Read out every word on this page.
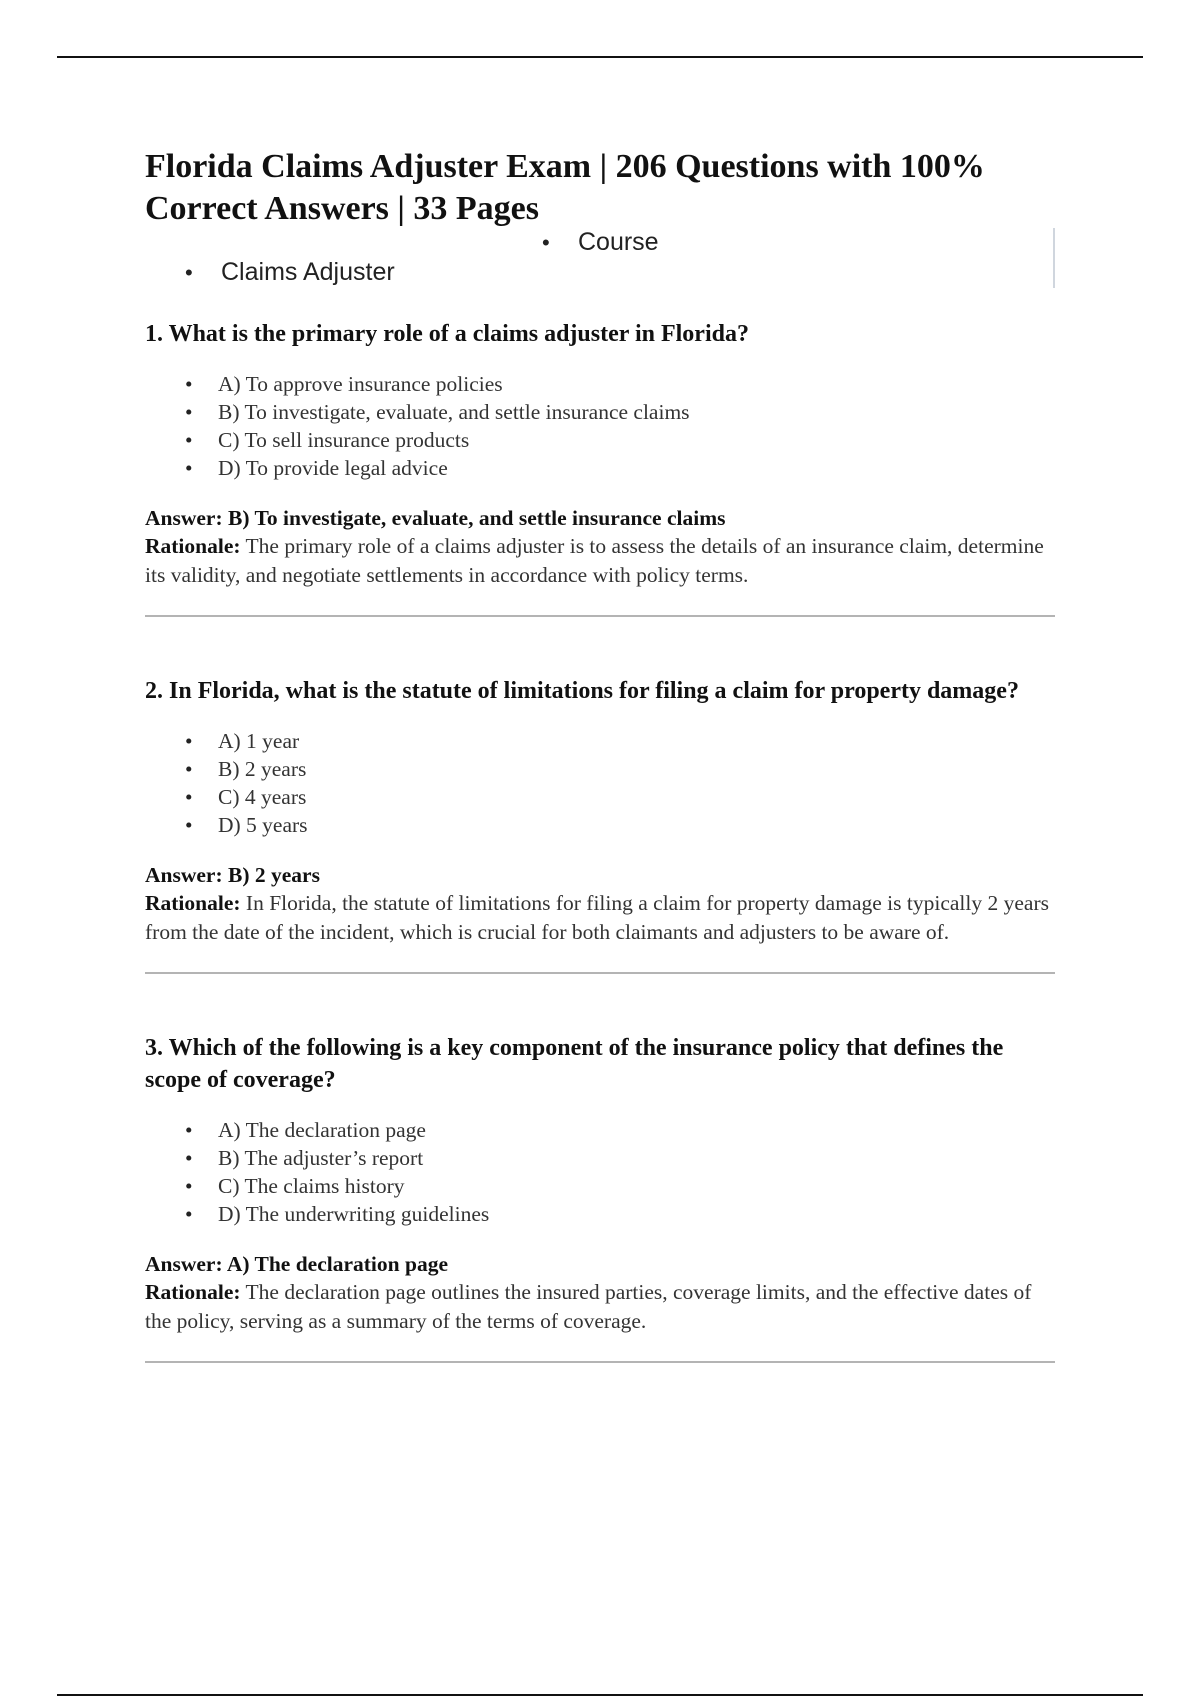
Florida Claims Adjuster Exam | 206 Questions with 100% Correct Answers | 33 Pages
• Course
• Claims Adjuster

1. What is the primary role of a claims adjuster in Florida?

• A) To approve insurance policies
• B) To investigate, evaluate, and settle insurance claims
• C) To sell insurance products
• D) To provide legal advice

Answer: B) To investigate, evaluate, and settle insurance claims

Rationale: The primary role of a claims adjuster is to assess the details of an insurance claim, determine its validity, and negotiate settlements in accordance with policy terms.

2. In Florida, what is the statute of limitations for filing a claim for property damage?

• A) 1 year
• B) 2 years
• C) 4 years
• D) 5 years

Answer: B) 2 years

Rationale: In Florida, the statute of limitations for filing a claim for property damage is typically 2 years from the date of the incident, which is crucial for both claimants and adjusters to be aware of.

3. Which of the following is a key component of the insurance policy that defines the scope of coverage?

• A) The declaration page
• B) The adjuster’s report
• C) The claims history
• D) The underwriting guidelines

Answer: A) The declaration page

Rationale: The declaration page outlines the insured parties, coverage limits, and the effective dates of the policy, serving as a summary of the terms of coverage.
